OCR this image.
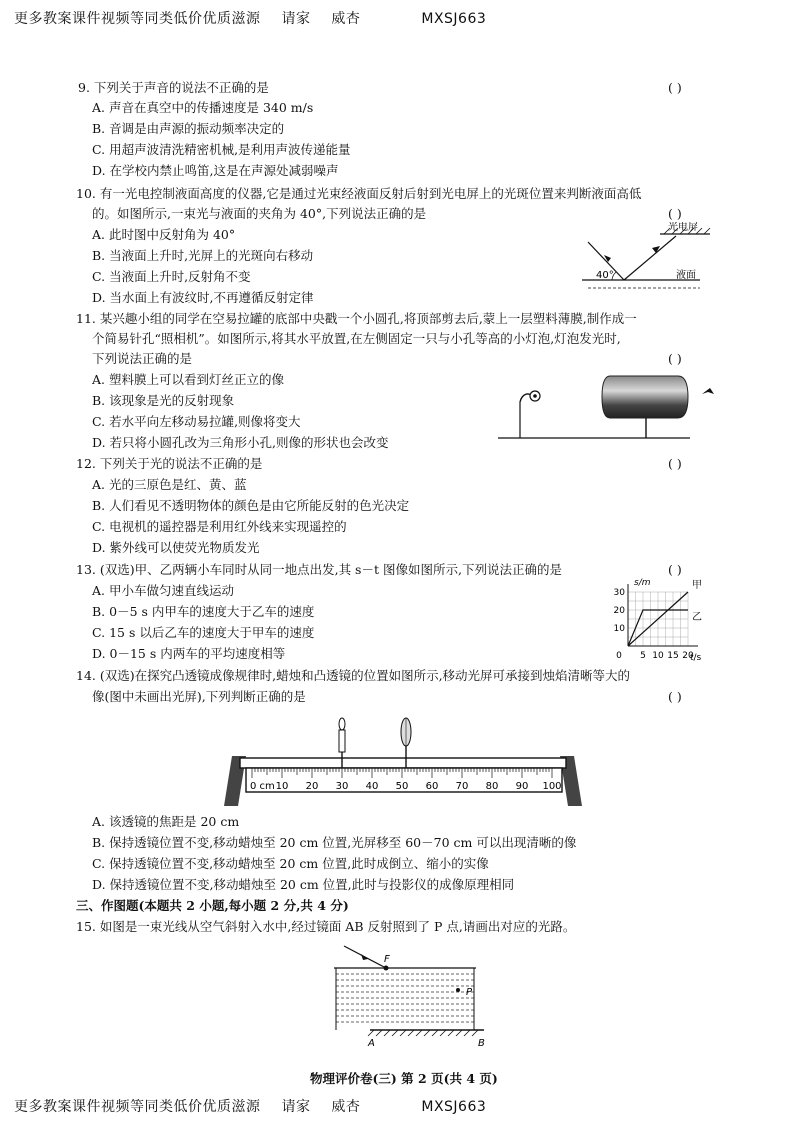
更多教案课件视频等同类低价优质滋源 请家 威杏	MXSJ663
更多教案课件视频等同类低价优质滋源 请家 威杏	MXSJ663
9. 下列关于声音的说法不正确的是	( )
A. 声音在真空中的传播速度是 340 m/s
B. 音调是由声源的振动频率决定的
C. 用超声波清洗精密机械,是利用声波传递能量
D. 在学校内禁止鸣笛,这是在声源处减弱噪声
10. 有一光电控制液面高度的仪器,它是通过光束经液面反射后射到光电屏上的光斑位置来判断液面高低
的。如图所示,一束光与液面的夹角为 40°,下列说法正确的是	( )
A. 此时图中反射角为 40°
B. 当液面上升时,光屏上的光斑向右移动
C. 当液面上升时,反射角不变
D. 当水面上有波纹时,不再遵循反射定律
光电屏
40°	液面
11. 某兴趣小组的同学在空易拉罐的底部中央戳一个小圆孔,将顶部剪去后,蒙上一层塑料薄膜,制作成一
个简易针孔“照相机”。如图所示,将其水平放置,在左侧固定一只与小孔等高的小灯泡,灯泡发光时,
下列说法正确的是	( )
A. 塑料膜上可以看到灯丝正立的像
B. 该现象是光的反射现象
C. 若水平向左移动易拉罐,则像将变大
D. 若只将小圆孔改为三角形小孔,则像的形状也会改变
12. 下列关于光的说法不正确的是	( )
A. 光的三原色是红、黄、蓝
B. 人们看见不透明物体的颜色是由它所能反射的色光决定
C. 电视机的遥控器是利用红外线来实现遥控的
D. 紫外线可以使荧光物质发光
13. (双选)甲、乙两辆小车同时从同一地点出发,其 s－t 图像如图所示,下列说法正确的是	( )
A. 甲小车做匀速直线运动
B. 0－5 s 内甲车的速度大于乙车的速度
C. 15 s 以后乙车的速度大于甲车的速度
D. 0－15 s 内两车的平均速度相等
甲
乙
0 5 10 15 20
10
20
30
s/m
t/s
14. (双选)在探究凸透镜成像规律时,蜡烛和凸透镜的位置如图所示,移动光屏可承接到烛焰清晰等大的
像(图中未画出光屏),下列判断正确的是	( )
0 cm 10 20 30 40 50 60 70 80 90 100
A. 该透镜的焦距是 20 cm
B. 保持透镜位置不变,移动蜡烛至 20 cm 位置,光屏移至 60－70 cm 可以出现清晰的像
C. 保持透镜位置不变,移动蜡烛至 20 cm 位置,此时成倒立、缩小的实像
D. 保持透镜位置不变,移动蜡烛至 20 cm 位置,此时与投影仪的成像原理相同
三、作图题(本题共 2 小题,每小题 2 分,共 4 分)
15. 如图是一束光线从空气斜射入水中,经过镜面 AB 反射照到了 P 点,请画出对应的光路。
F
P
A	B
物理评价卷(三) 第 2 页(共 4 页)
